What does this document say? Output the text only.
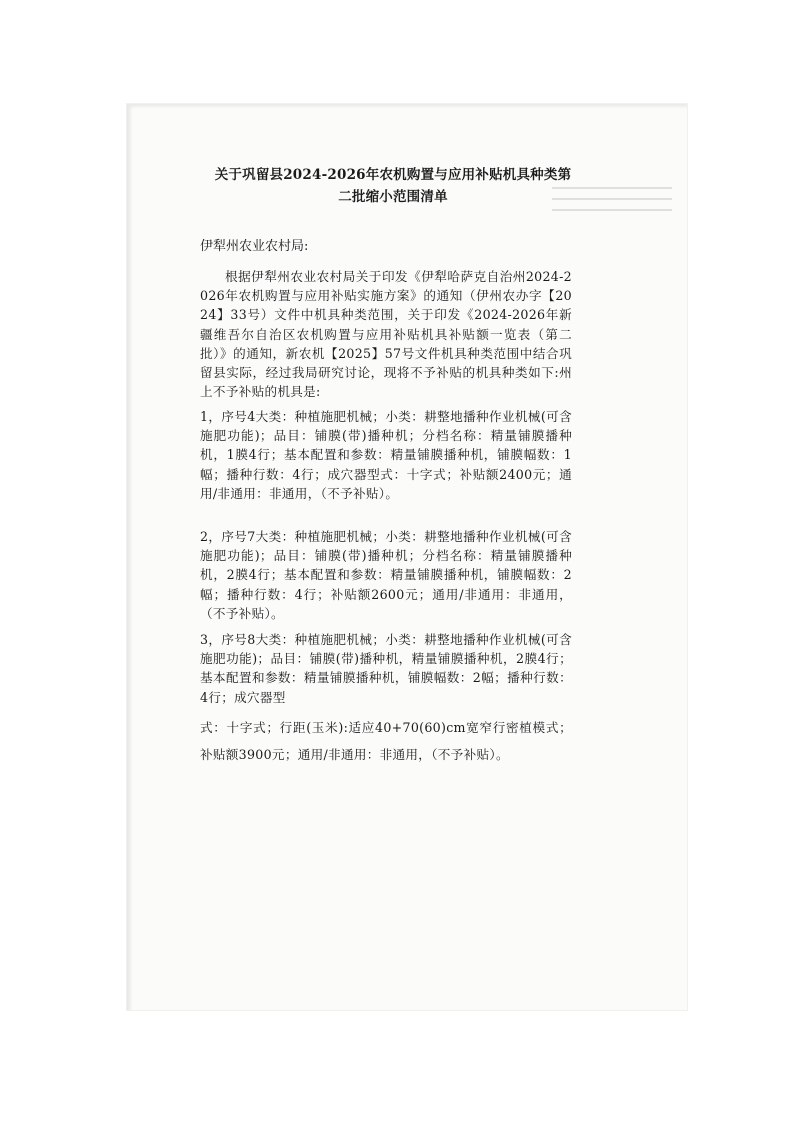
关于巩留县2024-2026年农机购置与应用补贴机具种类第
二批缩小范围清单
伊犁州农业农村局:
根据伊犁州农业农村局关于印发《伊犁哈萨克自治州2024-2026年农机购置与应用补贴实施方案》的通知（伊州农办字【2024】33号）文件中机具种类范围，关于印发《2024-2026年新疆维吾尔自治区农机购置与应用补贴机具补贴额一览表（第二批）》的通知，新农机【2025】57号文件机具种类范围中结合巩留县实际，经过我局研究讨论，现将不予补贴的机具种类如下:州上不予补贴的机具是:
1，序号4大类：种植施肥机械；小类：耕整地播种作业机械(可含施肥功能)；品目：铺膜(带)播种机；分档名称：精量铺膜播种机，1膜4行；基本配置和参数：精量铺膜播种机，铺膜幅数：1幅；播种行数：4行；成穴器型式：十字式；补贴额2400元；通用/非通用：非通用，（不予补贴）。
2，序号7大类：种植施肥机械；小类：耕整地播种作业机械(可含施肥功能)；品目：铺膜(带)播种机；分档名称：精量铺膜播种机，2膜4行；基本配置和参数：精量铺膜播种机，铺膜幅数：2幅；播种行数：4行；补贴额2600元；通用/非通用：非通用，（不予补贴）。
3，序号8大类：种植施肥机械；小类：耕整地播种作业机械(可含施肥功能)；品目：铺膜(带)播种机，精量铺膜播种机，2膜4行；基本配置和参数：精量铺膜播种机，铺膜幅数：2幅；播种行数：4行；成穴器型
式：十字式；行距(玉米):适应40+70(60)cm宽窄行密植模式；补贴额3900元；通用/非通用：非通用，（不予补贴）。
